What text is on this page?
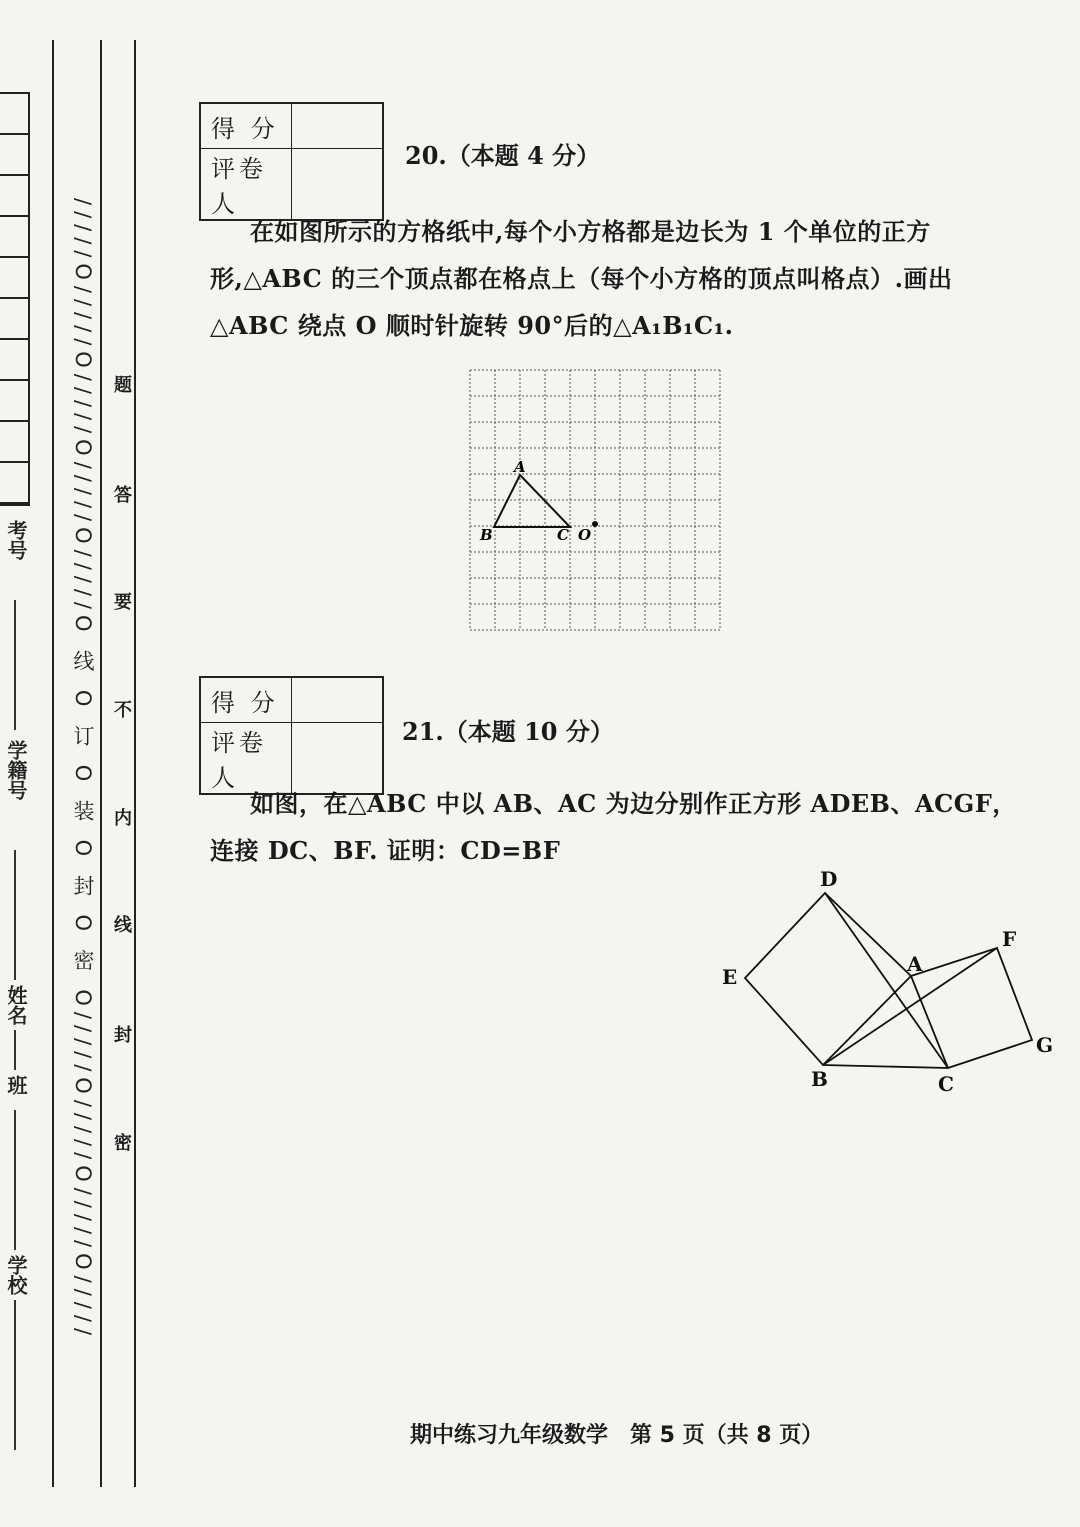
考号
学籍号
姓名
班
学校	/////O/////O/////O/////O/////O 线 O 订 O 装 O 封 O 密 O/////O/////O/////O///// 题
答
要
不
内
线
封
密
得 分	
评卷人	
20.（本题 4 分）
在如图所示的方格纸中,每个小方格都是边长为 1 个单位的正方形,△ABC 的三个顶点都在格点上（每个小方格的顶点叫格点）.画出△ABC 绕点 O 顺时针旋转 90°后的△A₁B₁C₁.
A
B	C O
得 分	
评卷人	
21.（本题 10 分）
如图，在△ABC 中以 AB、AC 为边分别作正方形 ADEB、ACGF，连接 DC、BF. 证明：CD=BF
D
E
A
F
G
B	C
期中练习九年级数学　第 5 页（共 8 页）
